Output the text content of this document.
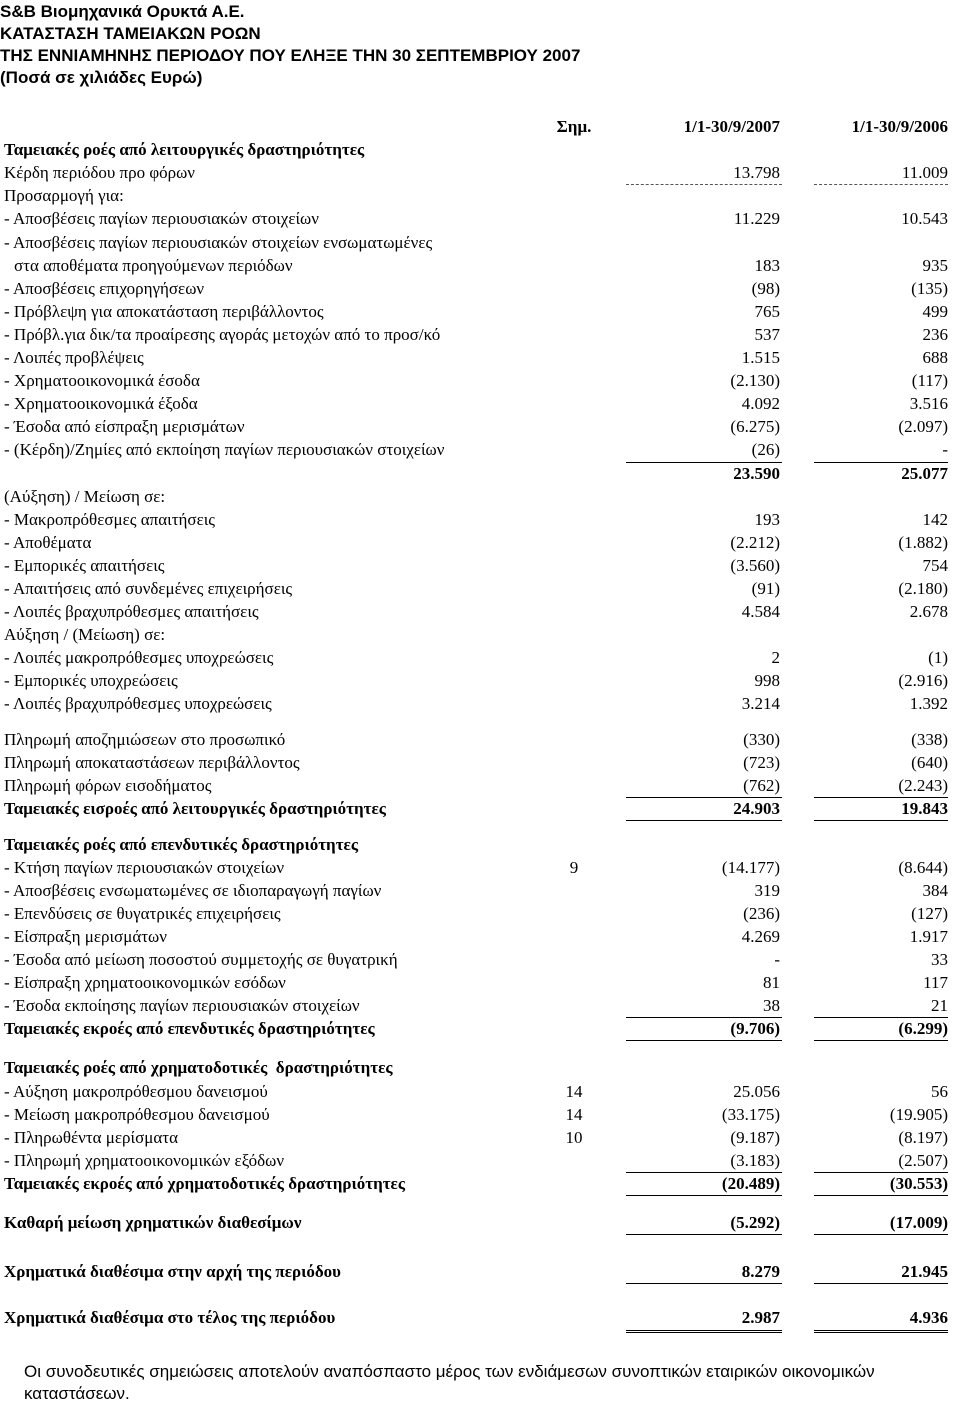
S&B Βιομηχανικά Ορυκτά Α.Ε.
ΚΑΤΑΣΤΑΣΗ ΤΑΜΕΙΑΚΩΝ ΡΟΩΝ
ΤΗΣ ΕΝΝΙΑΜΗΝΗΣ ΠΕΡΙΟΔΟΥ ΠΟΥ ΕΛΗΞΕ ΤΗΝ 30 ΣΕΠΤΕΜΒΡΙΟΥ 2007
(Ποσά σε χιλιάδες Ευρώ)
Σημ.	1/1-30/9/2007	1/1-30/9/2006
Ταμειακές ροές από λειτουργικές δραστηριότητες
Κέρδη περιόδου προ φόρων	13.798	11.009
Προσαρμογή για:
- Αποσβέσεις παγίων περιουσιακών στοιχείων	11.229	10.543
- Αποσβέσεις παγίων περιουσιακών στοιχείων ενσωματωμένες
στα αποθέματα προηγούμενων περιόδων	183	935
- Αποσβέσεις επιχορηγήσεων	(98)	(135)
- Πρόβλεψη για αποκατάσταση περιβάλλοντος	765	499
- Πρόβλ.για δικ/τα προαίρεσης αγοράς μετοχών από το προσ/κό	537	236
- Λοιπές προβλέψεις	1.515	688
- Χρηματοοικονομικά έσοδα	(2.130)	(117)
- Χρηματοοικονομικά έξοδα	4.092	3.516
- Έσοδα από είσπραξη μερισμάτων	(6.275)	(2.097)
- (Κέρδη)/Ζημίες από εκποίηση παγίων περιουσιακών στοιχείων	(26)	-
23.590	25.077
(Αύξηση) / Μείωση σε:
- Μακροπρόθεσμες απαιτήσεις	193	142
- Αποθέματα	(2.212)	(1.882)
- Εμπορικές απαιτήσεις	(3.560)	754
- Απαιτήσεις από συνδεμένες επιχειρήσεις	(91)	(2.180)
- Λοιπές βραχυπρόθεσμες απαιτήσεις	4.584	2.678
Αύξηση / (Μείωση) σε:
- Λοιπές μακροπρόθεσμες υποχρεώσεις	2	(1)
- Εμπορικές υποχρεώσεις	998	(2.916)
- Λοιπές βραχυπρόθεσμες υποχρεώσεις	3.214	1.392
Πληρωμή αποζημιώσεων στο προσωπικό	(330)	(338)
Πληρωμή αποκαταστάσεων περιβάλλοντος	(723)	(640)
Πληρωμή φόρων εισοδήματος	(762)	(2.243)
Ταμειακές εισροές από λειτουργικές δραστηριότητες	24.903	19.843
Ταμειακές ροές από επενδυτικές δραστηριότητες
- Κτήση παγίων περιουσιακών στοιχείων	9	(14.177)	(8.644)
- Αποσβέσεις ενσωματωμένες σε ιδιοπαραγωγή παγίων	319	384
- Επενδύσεις σε θυγατρικές επιχειρήσεις	(236)	(127)
- Είσπραξη μερισμάτων	4.269	1.917
- Έσοδα από μείωση ποσοστού συμμετοχής σε θυγατρική	-	33
- Είσπραξη χρηματοοικονομικών εσόδων	81	117
- Έσοδα εκποίησης παγίων περιουσιακών στοιχείων	38	21
Ταμειακές εκροές από επενδυτικές δραστηριότητες	(9.706)	(6.299)
Ταμειακές ροές από χρηματοδοτικές  δραστηριότητες
- Αύξηση μακροπρόθεσμου δανεισμού	14	25.056	56
- Μείωση μακροπρόθεσμου δανεισμού	14	(33.175)	(19.905)
- Πληρωθέντα μερίσματα	10	(9.187)	(8.197)
- Πληρωμή χρηματοοικονομικών εξόδων	(3.183)	(2.507)
Ταμειακές εκροές από χρηματοδοτικές δραστηριότητες	(20.489)	(30.553)
Καθαρή μείωση χρηματικών διαθεσίμων	(5.292)	(17.009)
Χρηματικά διαθέσιμα στην αρχή της περιόδου	8.279	21.945
Χρηματικά διαθέσιμα στο τέλος της περιόδου	2.987	4.936
Οι συνοδευτικές σημειώσεις αποτελούν αναπόσπαστο μέρος των ενδιάμεσων συνοπτικών εταιρικών οικονομικών καταστάσεων.
